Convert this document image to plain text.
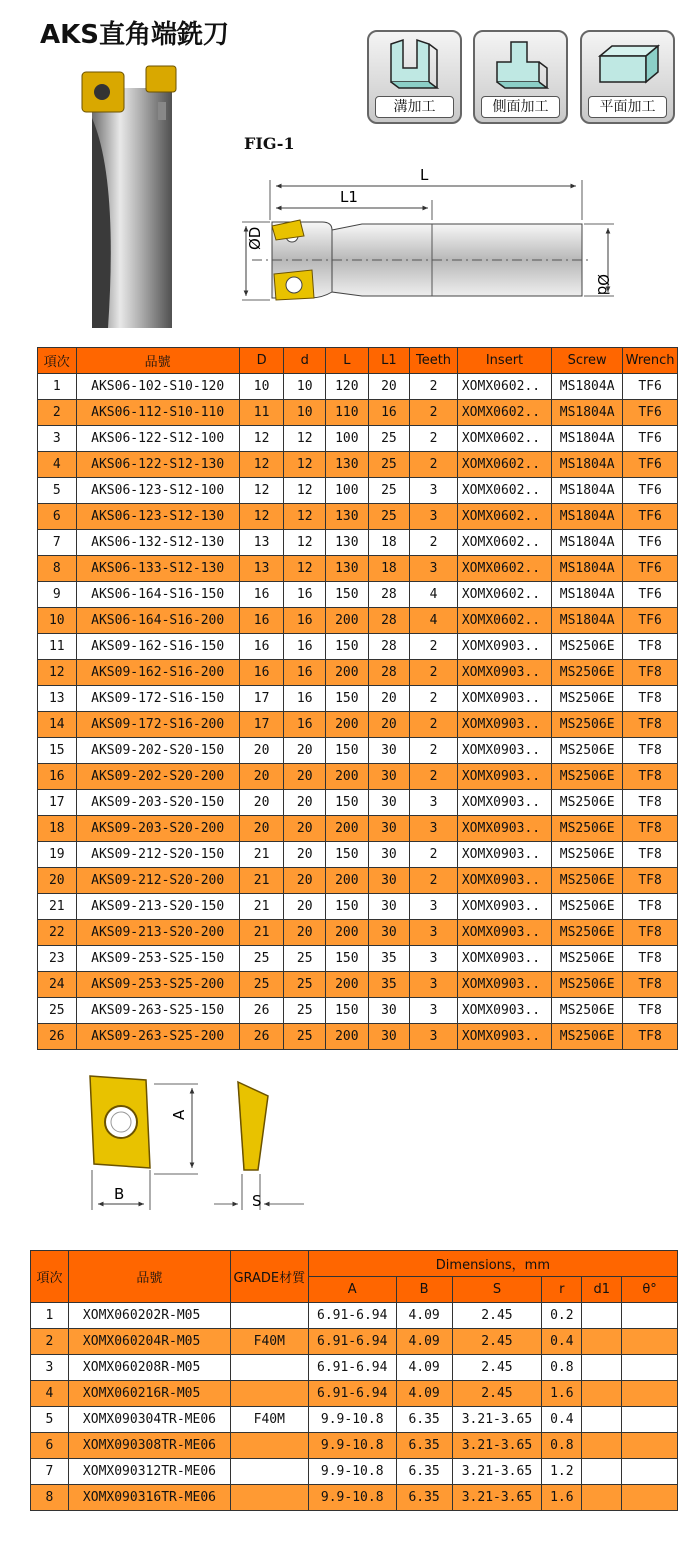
AKS直角端銑刀
溝加工	側面加工	平面加工
FIG-1
L
L1
ØD
Ød
項次	品號	D	d	L	L1	Teeth	Insert	Screw	Wrench
1	AKS06-102-S10-120	10	10	120	20	2	XOMX0602..	MS1804A	TF6
2	AKS06-112-S10-110	11	10	110	16	2	XOMX0602..	MS1804A	TF6
3	AKS06-122-S12-100	12	12	100	25	2	XOMX0602..	MS1804A	TF6
4	AKS06-122-S12-130	12	12	130	25	2	XOMX0602..	MS1804A	TF6
5	AKS06-123-S12-100	12	12	100	25	3	XOMX0602..	MS1804A	TF6
6	AKS06-123-S12-130	12	12	130	25	3	XOMX0602..	MS1804A	TF6
7	AKS06-132-S12-130	13	12	130	18	2	XOMX0602..	MS1804A	TF6
8	AKS06-133-S12-130	13	12	130	18	3	XOMX0602..	MS1804A	TF6
9	AKS06-164-S16-150	16	16	150	28	4	XOMX0602..	MS1804A	TF6
10	AKS06-164-S16-200	16	16	200	28	4	XOMX0602..	MS1804A	TF6
11	AKS09-162-S16-150	16	16	150	28	2	XOMX0903..	MS2506E	TF8
12	AKS09-162-S16-200	16	16	200	28	2	XOMX0903..	MS2506E	TF8
13	AKS09-172-S16-150	17	16	150	20	2	XOMX0903..	MS2506E	TF8
14	AKS09-172-S16-200	17	16	200	20	2	XOMX0903..	MS2506E	TF8
15	AKS09-202-S20-150	20	20	150	30	2	XOMX0903..	MS2506E	TF8
16	AKS09-202-S20-200	20	20	200	30	2	XOMX0903..	MS2506E	TF8
17	AKS09-203-S20-150	20	20	150	30	3	XOMX0903..	MS2506E	TF8
18	AKS09-203-S20-200	20	20	200	30	3	XOMX0903..	MS2506E	TF8
19	AKS09-212-S20-150	21	20	150	30	2	XOMX0903..	MS2506E	TF8
20	AKS09-212-S20-200	21	20	200	30	2	XOMX0903..	MS2506E	TF8
21	AKS09-213-S20-150	21	20	150	30	3	XOMX0903..	MS2506E	TF8
22	AKS09-213-S20-200	21	20	200	30	3	XOMX0903..	MS2506E	TF8
23	AKS09-253-S25-150	25	25	150	35	3	XOMX0903..	MS2506E	TF8
24	AKS09-253-S25-200	25	25	200	35	3	XOMX0903..	MS2506E	TF8
25	AKS09-263-S25-150	26	25	150	30	3	XOMX0903..	MS2506E	TF8
26	AKS09-263-S25-200	26	25	200	30	3	XOMX0903..	MS2506E	TF8
A
B	S
項次	品號	GRADE材質	Dimensions，mm					
			A	B	S	r	d1	θ°
1	XOMX060202R-M05		6.91-6.94	4.09	2.45	0.2		
2	XOMX060204R-M05	F40M	6.91-6.94	4.09	2.45	0.4		
3	XOMX060208R-M05		6.91-6.94	4.09	2.45	0.8		
4	XOMX060216R-M05		6.91-6.94	4.09	2.45	1.6		
5	XOMX090304TR-ME06	F40M	9.9-10.8	6.35	3.21-3.65	0.4		
6	XOMX090308TR-ME06		9.9-10.8	6.35	3.21-3.65	0.8		
7	XOMX090312TR-ME06		9.9-10.8	6.35	3.21-3.65	1.2		
8	XOMX090316TR-ME06		9.9-10.8	6.35	3.21-3.65	1.6		
